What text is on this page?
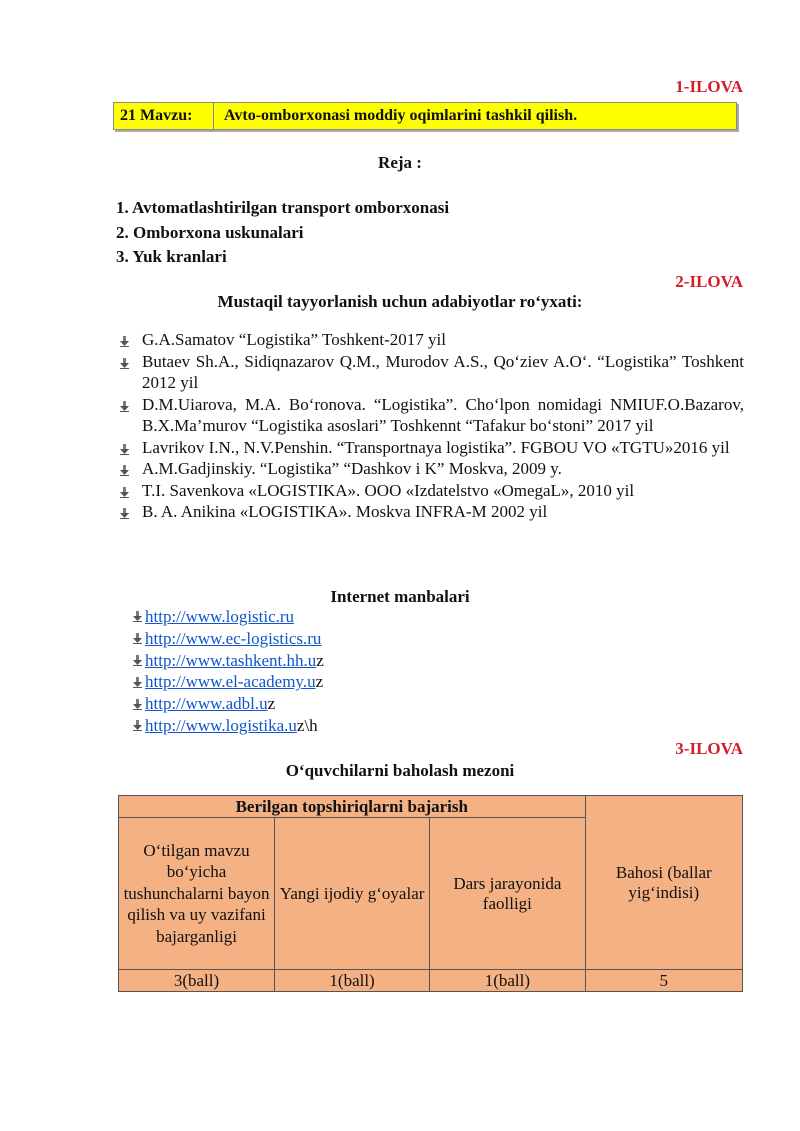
1-ILOVA
21 Mavzu:	Avto-omborxonasi moddiy oqimlarini tashkil qilish.
Reja :
1. Avtomatlashtirilgan transport omborxonasi
2. Omborxona uskunalari
3. Yuk kranlari
2-ILOVA
Mustaqil tayyorlanish uchun adabiyotlar ro‘yxati:
G.A.Samatov “Logistika” Toshkent-2017 yil
Butaev Sh.A., Sidiqnazarov Q.M., Murodov A.S., Qo‘ziev A.O‘. “Logistika” Toshkent 2012 yil
D.M.Uiarova, M.A. Bo‘ronova. “Logistika”. Cho‘lpon nomidagi NMIUF.O.Bazarov, B.X.Ma’murov “Logistika asoslari” Toshkennt “Tafakur bo‘stoni” 2017 yil
Lavrikov I.N., N.V.Penshin. “Transportnaya logistika”. FGBOU VO «TGTU»2016 yil
A.M.Gadjinskiy. “Logistika” “Dashkov i K” Moskva, 2009 y.
T.I. Savenkova «LOGISTIKA». OOO «Izdatelstvo «OmegaL», 2010 yil
B. A. Anikina «LOGISTIKA». Moskva INFRA-M 2002 yil
Internet manbalari
http://www.logistic.ru
http://www.ec-logistics.ru
http://www.tashkent.hh.u z
http://www.el-academy.u z
http://www.adbl.u z
http://www.logistika.u z\h
3-ILOVA
O‘quvchilarni baholash mezoni
Berilgan topshiriqlarni bajarish			Bahosi (ballar yig‘indisi)
O‘tilgan mavzu bo‘yicha tushunchalarni bayon qilish va uy vazifani bajarganligi	Yangi ijodiy g‘oyalar	Dars jarayonida faolligi	
3(ball)	1(ball)	1(ball)	5
